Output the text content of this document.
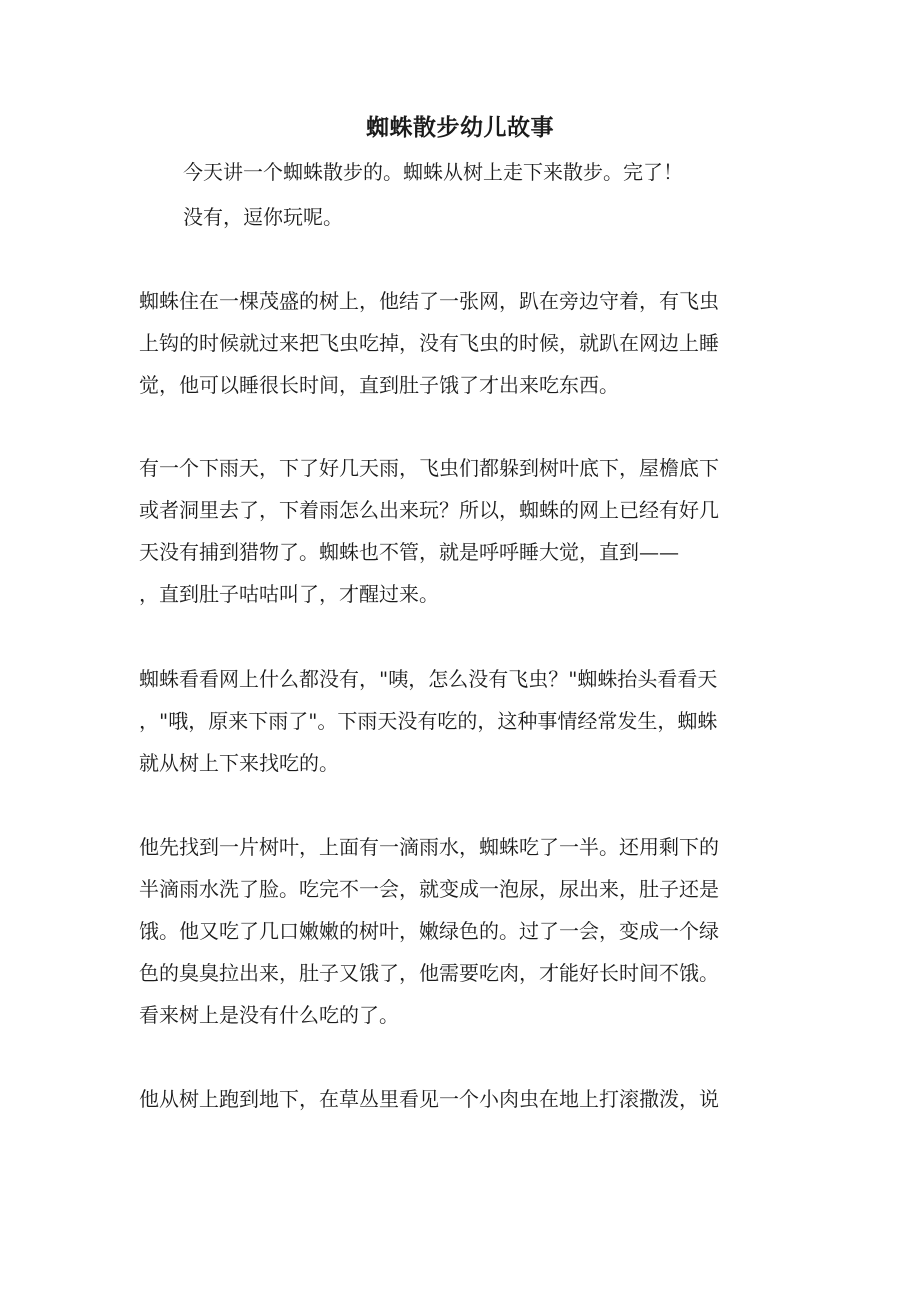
蜘蛛散步幼儿故事
今天讲一个蜘蛛散步的。蜘蛛从树上走下来散步。完了！
没有，逗你玩呢。
蜘蛛住在一棵茂盛的树上，他结了一张网，趴在旁边守着，有飞虫
上钩的时候就过来把飞虫吃掉，没有飞虫的时候，就趴在网边上睡
觉，他可以睡很长时间，直到肚子饿了才出来吃东西。
有一个下雨天，下了好几天雨，飞虫们都躲到树叶底下，屋檐底下
或者洞里去了，下着雨怎么出来玩？所以，蜘蛛的网上已经有好几
天没有捕到猎物了。蜘蛛也不管，就是呼呼睡大觉，直到——
，直到肚子咕咕叫了，才醒过来。
蜘蛛看看网上什么都没有，"咦，怎么没有飞虫？"蜘蛛抬头看看天
，"哦，原来下雨了"。下雨天没有吃的，这种事情经常发生，蜘蛛
就从树上下来找吃的。
他先找到一片树叶，上面有一滴雨水，蜘蛛吃了一半。还用剩下的
半滴雨水洗了脸。吃完不一会，就变成一泡尿，尿出来，肚子还是
饿。他又吃了几口嫩嫩的树叶，嫩绿色的。过了一会，变成一个绿
色的臭臭拉出来，肚子又饿了，他需要吃肉，才能好长时间不饿。
看来树上是没有什么吃的了。
他从树上跑到地下，在草丛里看见一个小肉虫在地上打滚撒泼，说
